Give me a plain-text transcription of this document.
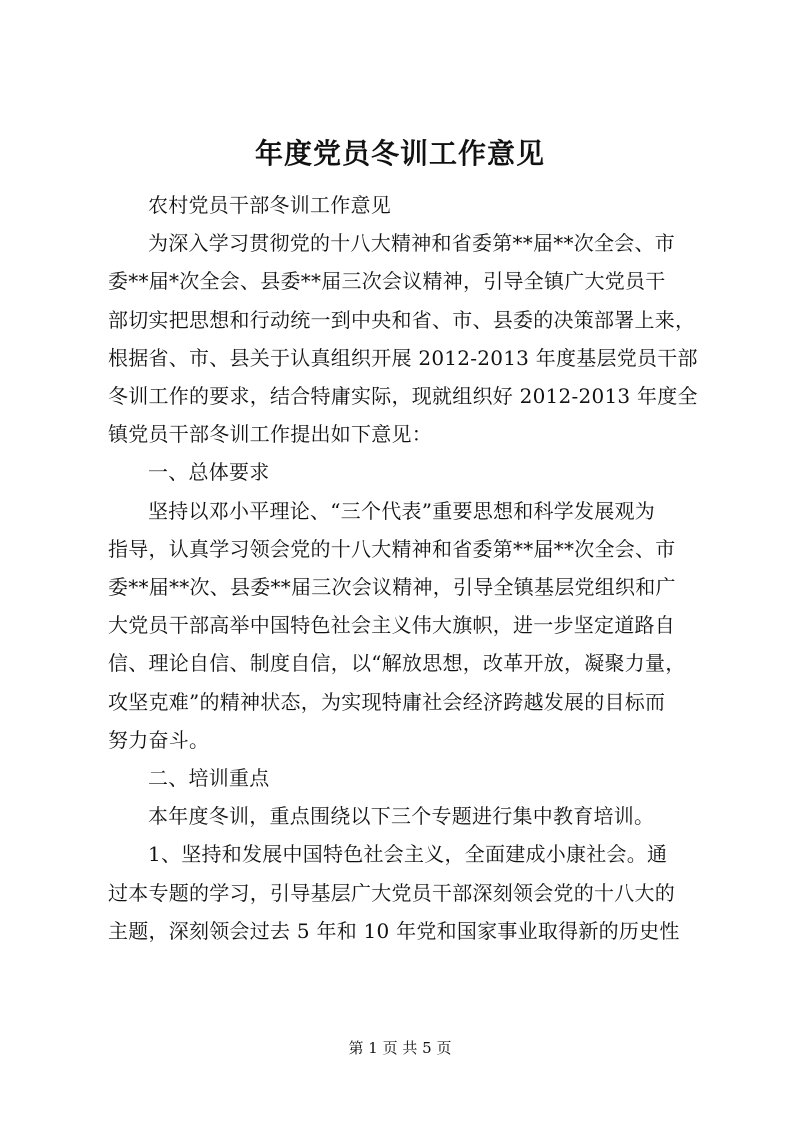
年度党员冬训工作意见
农村党员干部冬训工作意见
为深入学习贯彻党的十八大精神和省委第**届**次全会、市
委**届*次全会、县委**届三次会议精神，引导全镇广大党员干
部切实把思想和行动统一到中央和省、市、县委的决策部署上来，
根据省、市、县关于认真组织开展 2012-2013 年度基层党员干部
冬训工作的要求，结合特庸实际，现就组织好 2012-2013 年度全
镇党员干部冬训工作提出如下意见：
一、总体要求
坚持以邓小平理论、“三个代表”重要思想和科学发展观为
指导，认真学习领会党的十八大精神和省委第**届**次全会、市
委**届**次、县委**届三次会议精神，引导全镇基层党组织和广
大党员干部高举中国特色社会主义伟大旗帜，进一步坚定道路自
信、理论自信、制度自信，以“解放思想，改革开放，凝聚力量，
攻坚克难”的精神状态，为实现特庸社会经济跨越发展的目标而
努力奋斗。
二、培训重点
本年度冬训，重点围绕以下三个专题进行集中教育培训。
1、坚持和发展中国特色社会主义，全面建成小康社会。通
过本专题的学习，引导基层广大党员干部深刻领会党的十八大的
主题，深刻领会过去 5 年和 10 年党和国家事业取得新的历史性
第 1 页 共 5 页
